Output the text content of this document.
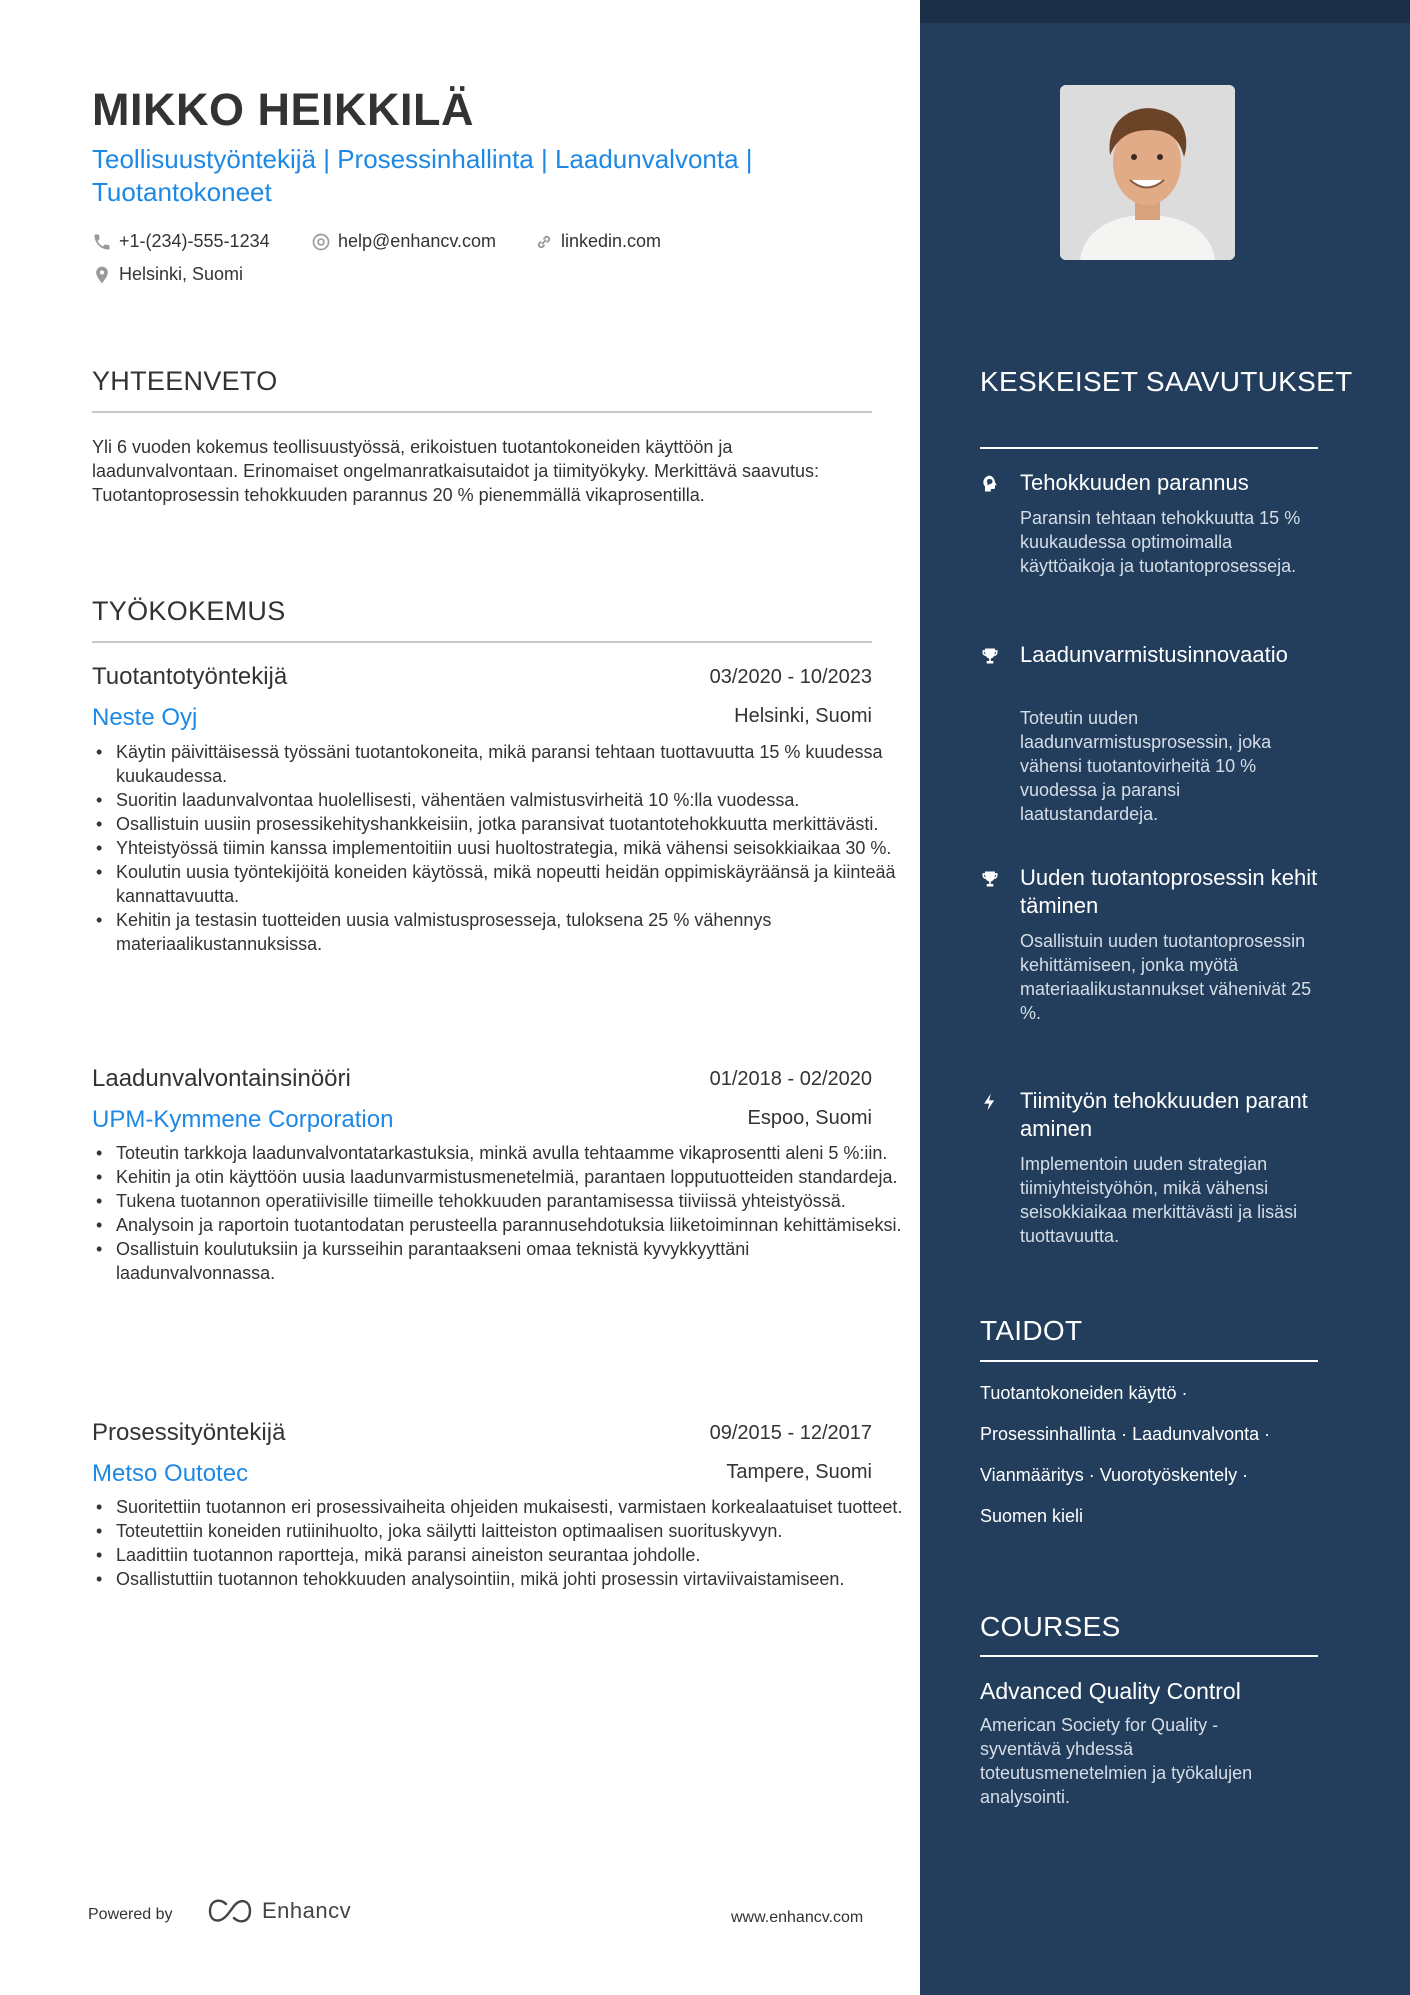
MIKKO HEIKKILÄ
Teollisuustyöntekijä | Prosessinhallinta | Laadunvalvonta | Tuotantokoneet
+1-(234)-555-1234	help@enhancv.com	linkedin.com
Helsinki, Suomi
YHTEENVETO
Yli 6 vuoden kokemus teollisuustyössä, erikoistuen tuotantokoneiden käyttöön ja laadunvalvontaan. Erinomaiset ongelmanratkaisutaidot ja tiimityökyky. Merkittävä saavutus: Tuotantoprosessin tehokkuuden parannus 20 % pienemmällä vikaprosentilla.
TYÖKOKEMUS
Tuotantotyöntekijä	03/2020 - 10/2023
Neste Oyj	Helsinki, Suomi
• Käytin päivittäisessä työssäni tuotantokoneita, mikä paransi tehtaan tuottavuutta 15 % kuudessa kuukaudessa.
• Suoritin laadunvalvontaa huolellisesti, vähentäen valmistusvirheitä 10 %:lla vuodessa.
• Osallistuin uusiin prosessikehityshankkeisiin, jotka paransivat tuotantotehokkuutta merkittävästi.
• Yhteistyössä tiimin kanssa implementoitiin uusi huoltostrategia, mikä vähensi seisokkiaikaa 30 %.
• Koulutin uusia työntekijöitä koneiden käytössä, mikä nopeutti heidän oppimiskäyräänsä ja kiinteää kannattavuutta.
• Kehitin ja testasin tuotteiden uusia valmistusprosesseja, tuloksena 25 % vähennys materiaalikustannuksissa.
Laadunvalvontainsinööri	01/2018 - 02/2020
UPM-Kymmene Corporation	Espoo, Suomi
• Toteutin tarkkoja laadunvalvontatarkastuksia, minkä avulla tehtaamme vikaprosentti aleni 5 %:iin.
• Kehitin ja otin käyttöön uusia laadunvarmistusmenetelmiä, parantaen lopputuotteiden standardeja.
• Tukena tuotannon operatiivisille tiimeille tehokkuuden parantamisessa tiiviissä yhteistyössä.
• Analysoin ja raportoin tuotantodatan perusteella parannusehdotuksia liiketoiminnan kehittämiseksi.
• Osallistuin koulutuksiin ja kursseihin parantaakseni omaa teknistä kyvykkyyttäni laadunvalvonnassa.
Prosessityöntekijä	09/2015 - 12/2017
Metso Outotec	Tampere, Suomi
• Suoritettiin tuotannon eri prosessivaiheita ohjeiden mukaisesti, varmistaen korkealaatuiset tuotteet.
• Toteutettiin koneiden rutiinihuolto, joka säilytti laitteiston optimaalisen suorituskyvyn.
• Laadittiin tuotannon raportteja, mikä paransi aineiston seurantaa johdolle.
• Osallistuttiin tuotannon tehokkuuden analysointiin, mikä johti prosessin virtaviivaistamiseen.
Powered by	Enhancv	www.enhancv.com
KESKEISET SAAVUTUKSET
Tehokkuuden parannus
Paransin tehtaan tehokkuutta 15 % kuukaudessa optimoimalla käyttöaikoja ja tuotantoprosesseja.
Laadunvarmistusinnovaatio
Toteutin uuden laadunvarmistusprosessin, joka vähensi tuotantovirheitä 10 % vuodessa ja paransi laatustandardeja.
Uuden tuotantoprosessin kehittäminen
Osallistuin uuden tuotantoprosessin kehittämiseen, jonka myötä materiaalikustannukset vähenivät 25 %.
Tiimityön tehokkuuden parantaminen
Implementoin uuden strategian tiimiyhteistyöhön, mikä vähensi seisokkiaikaa merkittävästi ja lisäsi tuottavuutta.
TAIDOT
Tuotantokoneiden käyttö ·
Prosessinhallinta · Laadunvalvonta ·
Vianmääritys · Vuorotyöskentely ·
Suomen kieli
COURSES
Advanced Quality Control
American Society for Quality - syventävä yhdessä toteutusmenetelmien ja työkalujen analysointi.
